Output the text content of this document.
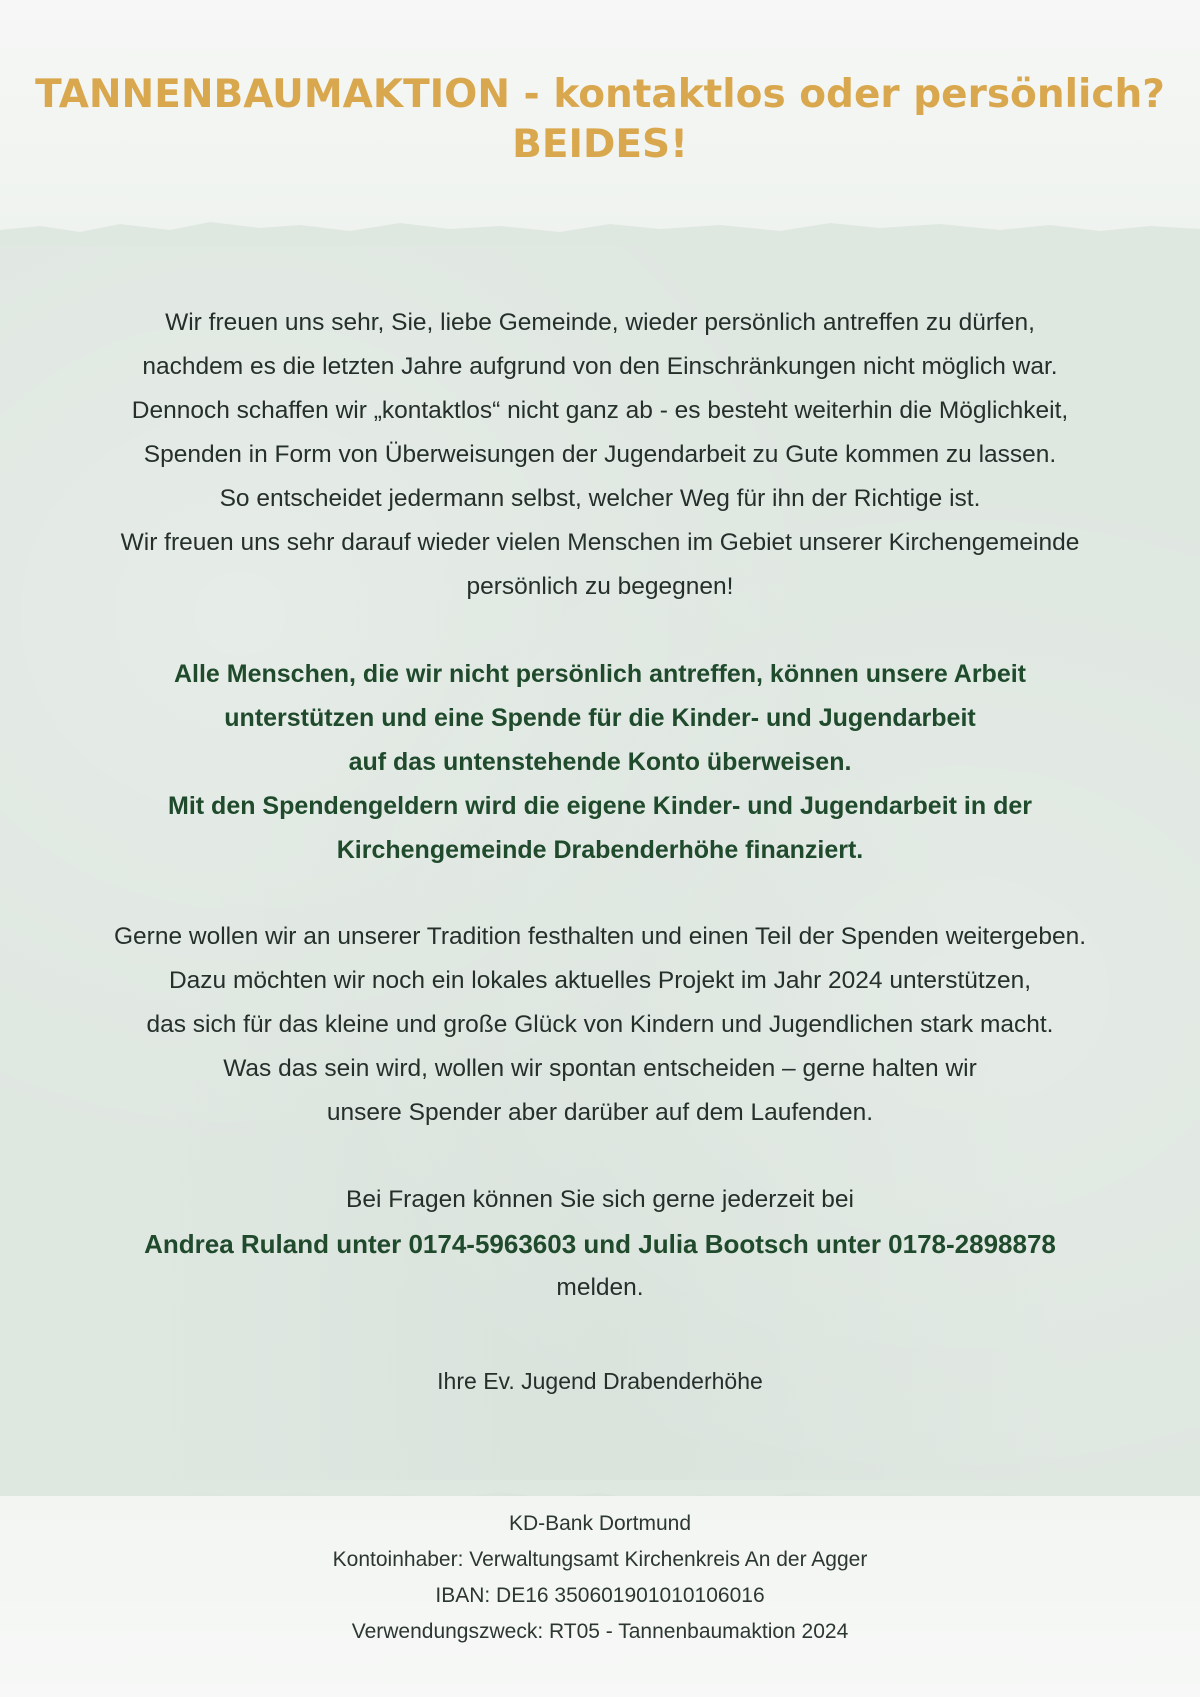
TANNENBAUMAKTION - kontaktlos oder persönlich?
BEIDES!
Wir freuen uns sehr, Sie, liebe Gemeinde, wieder persönlich antreffen zu dürfen,
nachdem es die letzten Jahre aufgrund von den Einschränkungen nicht möglich war.
Dennoch schaffen wir „kontaktlos“ nicht ganz ab - es besteht weiterhin die Möglichkeit,
Spenden in Form von Überweisungen der Jugendarbeit zu Gute kommen zu lassen.
So entscheidet jedermann selbst, welcher Weg für ihn der Richtige ist.
Wir freuen uns sehr darauf wieder vielen Menschen im Gebiet unserer Kirchengemeinde
persönlich zu begegnen!
Alle Menschen, die wir nicht persönlich antreffen, können unsere Arbeit
unterstützen und eine Spende für die Kinder- und Jugendarbeit
auf das untenstehende Konto überweisen.
Mit den Spendengeldern wird die eigene Kinder- und Jugendarbeit in der
Kirchengemeinde Drabenderhöhe finanziert.
Gerne wollen wir an unserer Tradition festhalten und einen Teil der Spenden weitergeben.
Dazu möchten wir noch ein lokales aktuelles Projekt im Jahr 2024 unterstützen,
das sich für das kleine und große Glück von Kindern und Jugendlichen stark macht.
Was das sein wird, wollen wir spontan entscheiden – gerne halten wir
unsere Spender aber darüber auf dem Laufenden.
Bei Fragen können Sie sich gerne jederzeit bei
Andrea Ruland unter 0174-5963603 und Julia Bootsch unter 0178-2898878
melden.
Ihre Ev. Jugend Drabenderhöhe
KD-Bank Dortmund
Kontoinhaber: Verwaltungsamt Kirchenkreis An der Agger
IBAN: DE16 350601901010106016
Verwendungszweck: RT05 - Tannenbaumaktion 2024
